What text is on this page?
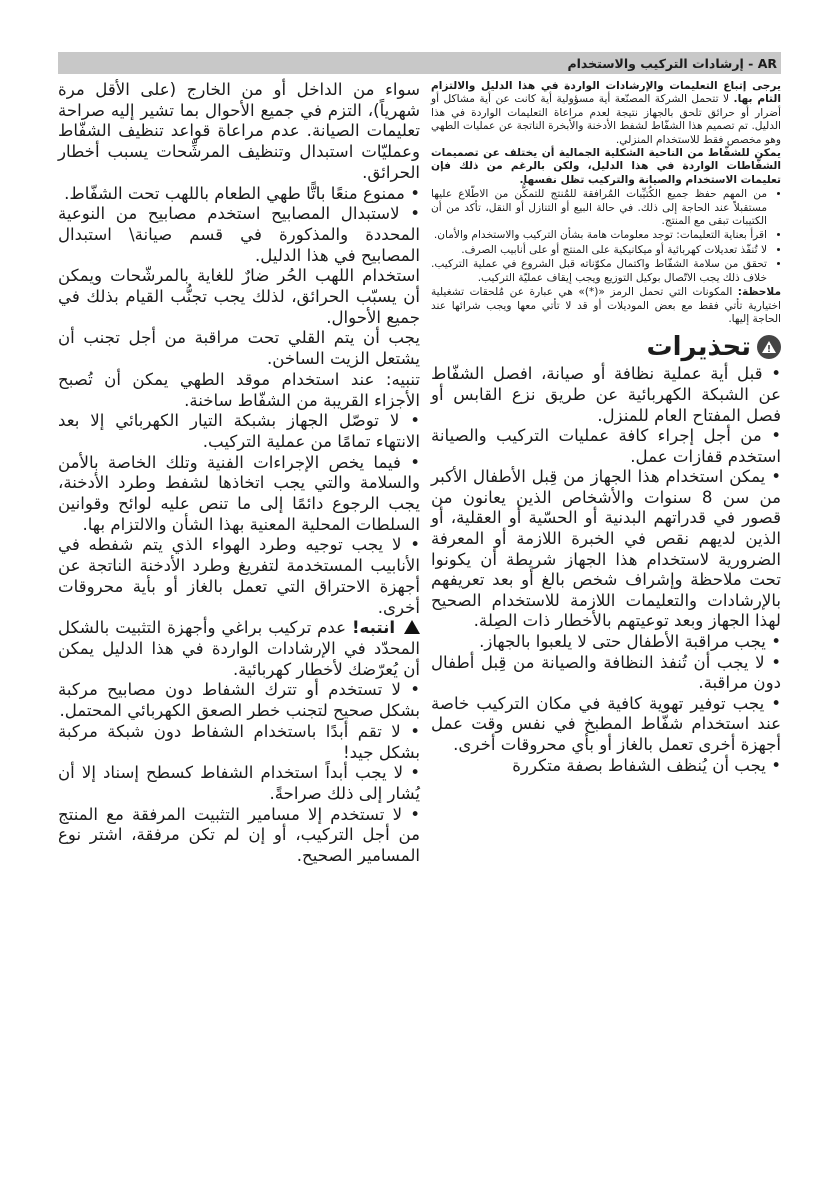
AR - إرشادات التركيب والاستخدام

يرجى إتباع التعليمات والإرشادات الواردة في هذا الدليل والالتزام التام بها. لا تتحمل الشركة المصنّعة أية مسؤولية أية كانت عن أية مشاكل أو أضرار أو حرائق تلحق بالجهاز نتيجة لعدم مراعاة التعليمات الواردة في هذا الدليل. تم تصميم هذا الشفّاط لشفط الأدخنة والأبخرة الناتجة عن عمليات الطهي وهو مخصص فقط للاستخدام المنزلي.

يمكن للشفّاط من الناحية الشكلية الجمالية أن يختلف عن تصميمات الشفّاطات الواردة في هذا الدليل، ولكن بالرغم من ذلك فإن تعليمات الاستخدام والصيانة والتركيب تظل نفسها.

• من المهم حفظ جميع الكُتيِّبات المُرافقة للمُنتج للتمكُّن من الاطّلاع عليها مستقبلاً عند الحاجة إلى ذلك. في حالة البيع أو التنازل أو النقل، تأكد من أن الكتيبات تبقى مع المنتج.
• اقرأ بعناية التعليمات: توجد معلومات هامة بشأن التركيب والاستخدام والأمان.
• لا تُنفّذ تعديلات كهربائية أو ميكانيكية على المنتج أو على أنابيب الصرف.
• تحقق من سلامة الشفّاط واكتمال مكوّناته قبل الشروع في عملية التركيب. خلاف ذلك يجب الاتّصال بوكيل التوزيع ويجب إيقاف عمليّة التركيب.
ملاحظة: المكونات التي تحمل الرمز «(*)» هي عبارة عن مُلحقات تشغيلية اختيارية تأتي فقط مع بعض الموديلات أو قد لا تأتي معها ويجب شرائها عند الحاجة إليها.
تحذيرات

• قبل أية عملية نظافة أو صيانة، افصل الشفّاط عن الشبكة الكهربائية عن طريق نزع القابس أو فصل المفتاح العام للمنزل.

• من أجل إجراء كافة عمليات التركيب والصيانة استخدم قفازات عمل.

• يمكن استخدام هذا الجهاز من قِبل الأطفال الأكبر من سن 8 سنوات والأشخاص الذين يعانون من قصور في قدراتهم البدنية أو الحسّية أو العقلية، أو الذين لديهم نقص في الخبرة اللازمة أو المعرفة الضرورية لاستخدام هذا الجهاز شريطة أن يكونوا تحت ملاحظة وإشراف شخص بالغ أو بعد تعريفهم بالإرشادات والتعليمات اللازمة للاستخدام الصحيح لهذا الجهاز وبعد توعيتهم بالأخطار ذات الصِلة.

• يجب مراقبة الأطفال حتى لا يلعبوا بالجهاز.

• لا يجب أن تُنفذ النظافة والصيانة من قِبل أطفال دون مراقبة.

• يجب توفير تهوية كافية في مكان التركيب خاصة عند استخدام شفّاط المطبخ في نفس وقت عمل أجهزة أخرى تعمل بالغاز أو بأي محروقات أخرى.

• يجب أن يُنظف الشفاط بصفة متكررة

سواء من الداخل أو من الخارج (على الأقل مرة شهرياً)، التزم في جميع الأحوال بما تشير إليه صراحة تعليمات الصيانة. عدم مراعاة قواعد تنظيف الشفّاط وعمليّات استبدال وتنظيف المرشِّحات يسبب أخطار الحرائق.

• ممنوع منعًا باتًّا طهي الطعام باللهب تحت الشفّاط.

• لاستبدال المصابيح استخدم مصابيح من النوعية المحددة والمذكورة في قسم صيانة\ استبدال المصابيح في هذا الدليل.

استخدام اللهب الحُر ضارٌ للغاية بالمرشّحات ويمكن أن يسبّب الحرائق، لذلك يجب تجنُّب القيام بذلك في جميع الأحوال.

يجب أن يتم القلي تحت مراقبة من أجل تجنب أن يشتعل الزيت الساخن.

تنبيه: عند استخدام موقد الطهي يمكن أن تُصبح الأجزاء القريبة من الشفّاط ساخنة.

• لا توصّل الجهاز بشبكة التيار الكهربائي إلا بعد الانتهاء تمامًا من عملية التركيب.

• فيما يخص الإجراءات الفنية وتلك الخاصة بالأمن والسلامة والتي يجب اتخاذها لشفط وطرد الأدخنة، يجب الرجوع دائمًا إلى ما تنص عليه لوائح وقوانين السلطات المحلية المعنية بهذا الشأن والالتزام بها.

• لا يجب توجيه وطرد الهواء الذي يتم شفطه في الأنابيب المستخدمة لتفريغ وطرد الأدخنة الناتجة عن أجهزة الاحتراق التي تعمل بالغاز أو بأية محروقات أخرى.

انتبه! عدم تركيب براغي وأجهزة التثبيت بالشكل المحدّد في الإرشادات الواردة في هذا الدليل يمكن أن يُعرّضك لأخطار كهربائية.

• لا تستخدم أو تترك الشفاط دون مصابيح مركبة بشكل صحيح لتجنب خطر الصعق الكهربائي المحتمل.

• لا تقم أبدًا باستخدام الشفاط دون شبكة مركبة بشكل جيد!

• لا يجب أبداً استخدام الشفاط كسطح إسناد إلا أن يُشار إلى ذلك صراحةً.

• لا تستخدم إلا مسامير التثبيت المرفقة مع المنتج من أجل التركيب، أو إن لم تكن مرفقة، اشتر نوع المسامير الصحيح.
